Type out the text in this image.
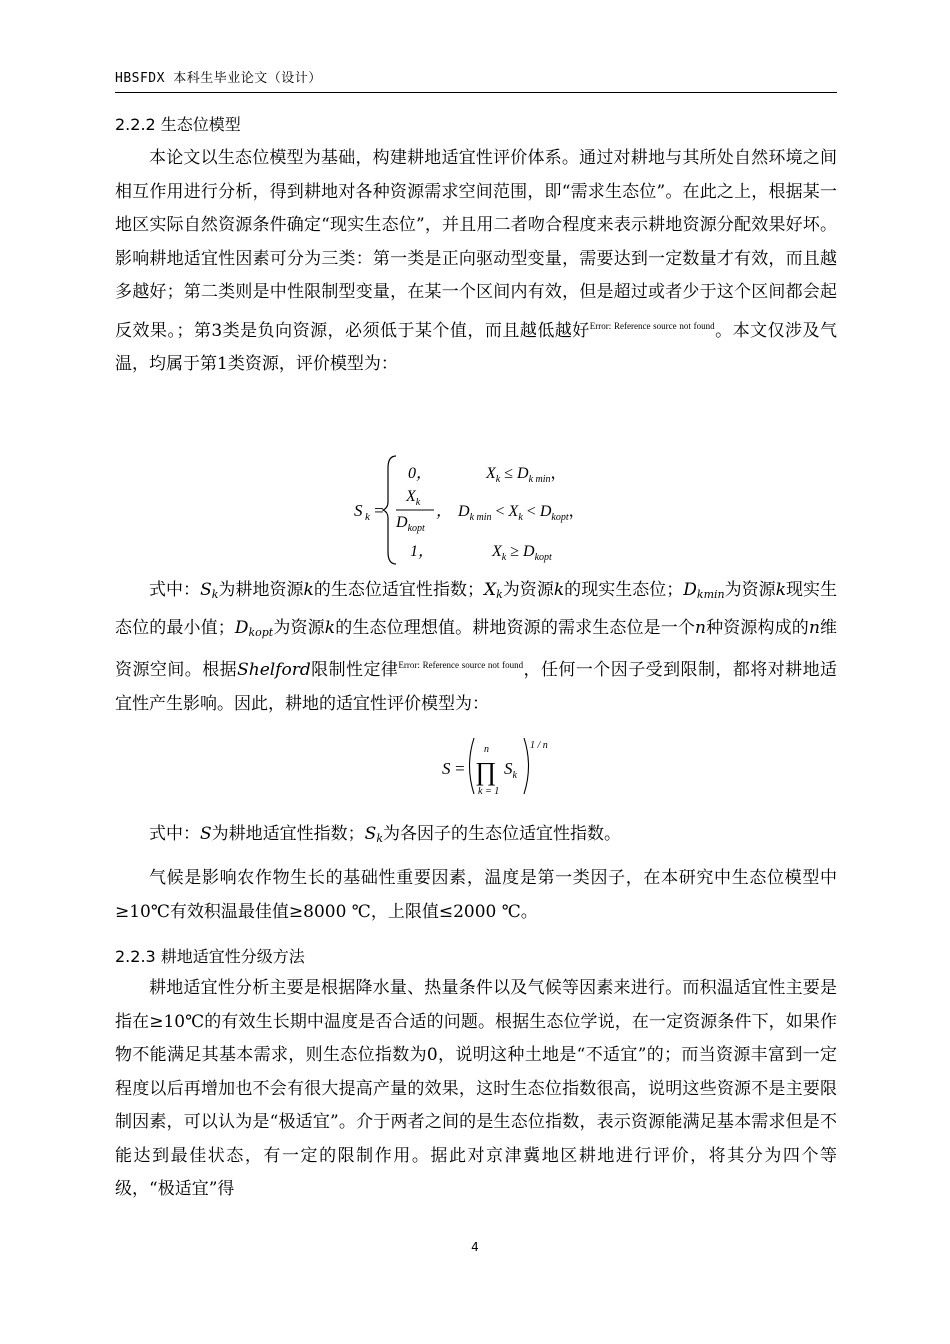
HBSFDX 本科生毕业论文（设计）
2.2.2 生态位模型
本论文以生态位模型为基础，构建耕地适宜性评价体系。通过对耕地与其所处自然环境之间相互作用进行分析，得到耕地对各种资源需求空间范围，即“需求生态位”。在此之上，根据某一地区实际自然资源条件确定“现实生态位”，并且用二者吻合程度来表示耕地资源分配效果好坏。影响耕地适宜性因素可分为三类：第一类是正向驱动型变量，需要达到一定数量才有效，而且越多越好；第二类则是中性限制型变量，在某一个区间内有效，但是超过或者少于这个区间都会起反效果。；第3类是负向资源，必须低于某个值，而且越低越好$^{Error: Reference source not found}$。本文仅涉及气温，均属于第1类资源，评价模型为：
S k =
0，	$X_k \le D_{k min}$，
$X_k$
$D_{kopt}$
， $D_{k min} < X_k < D_{kopt}$，
1，	$X_k \ge D_{kopt}$
式中：$S_k$为耕地资源k的生态位适宜性指数；$X_k$为资源k的现实生态位；$D_{kmin}$为资源k现实生态位的最小值；$D_{kopt}$为资源k的生态位理想值。耕地资源的需求生态位是一个n种资源构成的n维资源空间。根据Shelford限制性定律$^{Error: Reference source not found}$，任何一个因子受到限制，都将对耕地适宜性产生影响。因此，耕地的适宜性评价模型为：
S =
n
∏
k = 1
$S_k$
1 / n
式中：S为耕地适宜性指数；$S_k$为各因子的生态位适宜性指数。
气候是影响农作物生长的基础性重要因素，温度是第一类因子，在本研究中生态位模型中≥10℃有效积温最佳值≥8000 ℃，上限值≤2000 ℃。
2.2.3 耕地适宜性分级方法
耕地适宜性分析主要是根据降水量、热量条件以及气候等因素来进行。而积温适宜性主要是指在≥10℃的有效生长期中温度是否合适的问题。根据生态位学说，在一定资源条件下，如果作物不能满足其基本需求，则生态位指数为0，说明这种土地是“不适宜”的；而当资源丰富到一定程度以后再增加也不会有很大提高产量的效果，这时生态位指数很高，说明这些资源不是主要限制因素，可以认为是“极适宜”。介于两者之间的是生态位指数，表示资源能满足基本需求但是不能达到最佳状态，有一定的限制作用。据此对京津冀地区耕地进行评价，将其分为四个等级，“极适宜”得
4
